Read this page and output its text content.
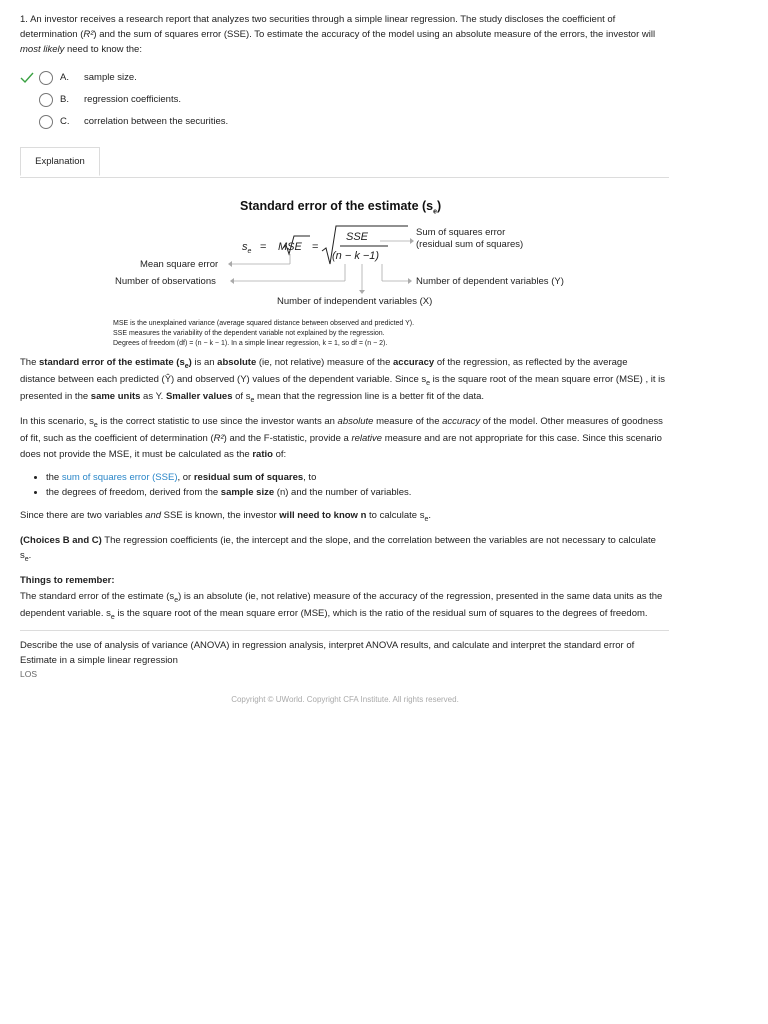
1. An investor receives a research report that analyzes two securities through a simple linear regression. The study discloses the coefficient of determination (R²) and the sum of squares error (SSE). To estimate the accuracy of the model using an absolute measure of the errors, the investor will most likely need to know the:

A. sample size.
B. regression coefficients.
C. correlation between the securities.
Explanation
Standard error of the estimate $(s_e)$
$s_e$ = MSE =
SSE
(n − k −1)
Sum of squares error
(residual sum of squares)
Mean square error
Number of observations	Number of dependent variables (Y)
Number of independent variables (X)
MSE is the unexplained variance (average squared distance between observed and predicted Y).
SSE measures the variability of the dependent variable not explained by the regression.
Degrees of freedom (df) = (n − k − 1). In a simple linear regression, k = 1, so df = (n − 2).

The standard error of the estimate $(s_e)$ is an absolute (ie, not relative) measure of the accuracy of the regression, as reflected by the average distance between each predicted (Ŷ) and observed (Y) values of the dependent variable. Since $s_e$ is the square root of the mean square error (MSE) , it is presented in the same units as Y. Smaller values of $s_e$ mean that the regression line is a better fit of the data.

In this scenario, $s_e$ is the correct statistic to use since the investor wants an absolute measure of the accuracy of the model. Other measures of goodness of fit, such as the coefficient of determination (R²) and the F-statistic, provide a relative measure and are not appropriate for this case. Since this scenario does not provide the MSE, it must be calculated as the ratio of:

• the sum of squares error (SSE), or residual sum of squares, to
• the degrees of freedom, derived from the sample size (n) and the number of variables.

Since there are two variables and SSE is known, the investor will need to know n to calculate $s_e$.

(Choices B and C) The regression coefficients (ie, the intercept and the slope, and the correlation between the variables are not necessary to calculate $s_e$.

Things to remember:

The standard error of the estimate $(s_e)$ is an absolute (ie, not relative) measure of the accuracy of the regression, presented in the same data units as the dependent variable. $s_e$ is the square root of the mean square error (MSE), which is the ratio of the residual sum of squares to the degrees of freedom.

Describe the use of analysis of variance (ANOVA) in regression analysis, interpret ANOVA results, and calculate and interpret the standard error of Estimate in a simple linear regression

LOS

Copyright © UWorld. Copyright CFA Institute. All rights reserved.
